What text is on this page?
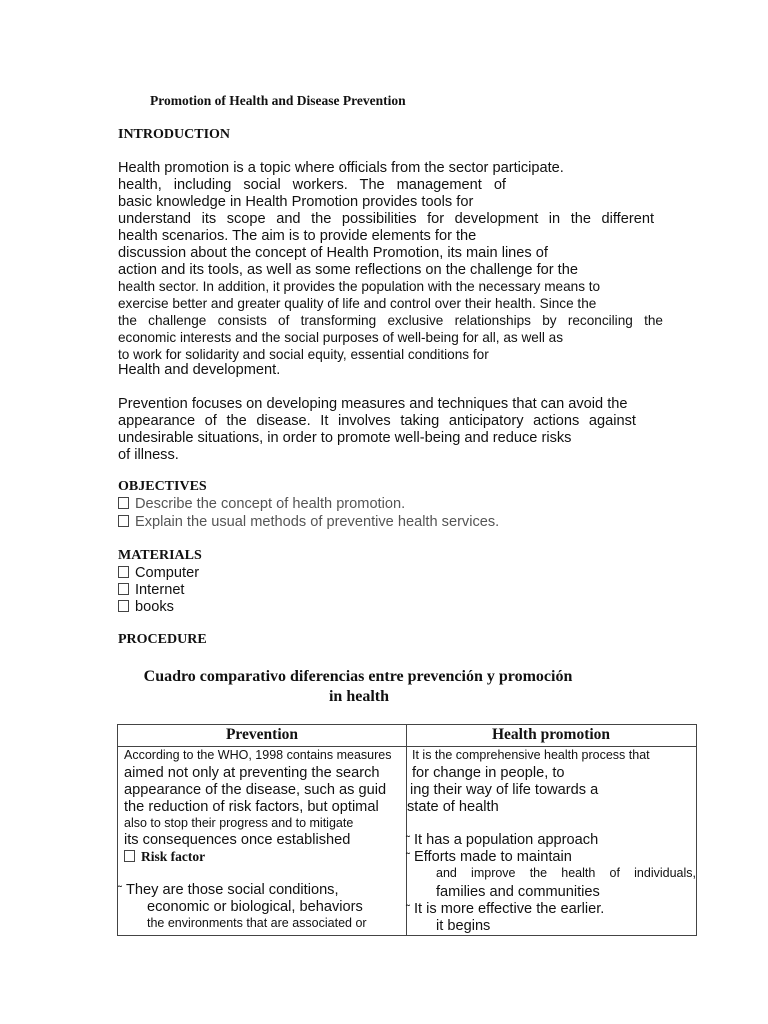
Promotion of Health and Disease Prevention
INTRODUCTION
Health promotion is a topic where officials from the sector participate.
health, including social workers. The management of
basic knowledge in Health Promotion provides tools for
understand its scope and the possibilities for development in the different
health scenarios. The aim is to provide elements for the
discussion about the concept of Health Promotion, its main lines of
action and its tools, as well as some reflections on the challenge for the
health sector. In addition, it provides the population with the necessary means to
exercise better and greater quality of life and control over their health. Since the
the challenge consists of transforming exclusive relationships by reconciling the
economic interests and the social purposes of well-being for all, as well as
to work for solidarity and social equity, essential conditions for
Health and development.
Prevention focuses on developing measures and techniques that can avoid the
appearance of the disease. It involves taking anticipatory actions against
undesirable situations, in order to promote well-being and reduce risks
of illness.
OBJECTIVES
Describe the concept of health promotion.
Explain the usual methods of preventive health services.
MATERIALS
Computer
Internet
books
PROCEDURE
Cuadro comparativo diferencias entre prevención y promoción
in health
Prevention	Health promotion
According to the WHO, 1998 contains measures
aimed not only at preventing the search
appearance of the disease, such as guid
the reduction of risk factors, but optimal
also to stop their progress and to mitigate
its consequences once established
Risk factor
˜ They are those social conditions,
economic or biological, behaviors
the environments that are associated or
It is the comprehensive health process that
for change in people, to
ing their way of life towards a
state of health
˜ It has a population approach
˜ Efforts made to maintain
and improve the health of individuals,
families and communities
˜ It is more effective the earlier.
it begins
